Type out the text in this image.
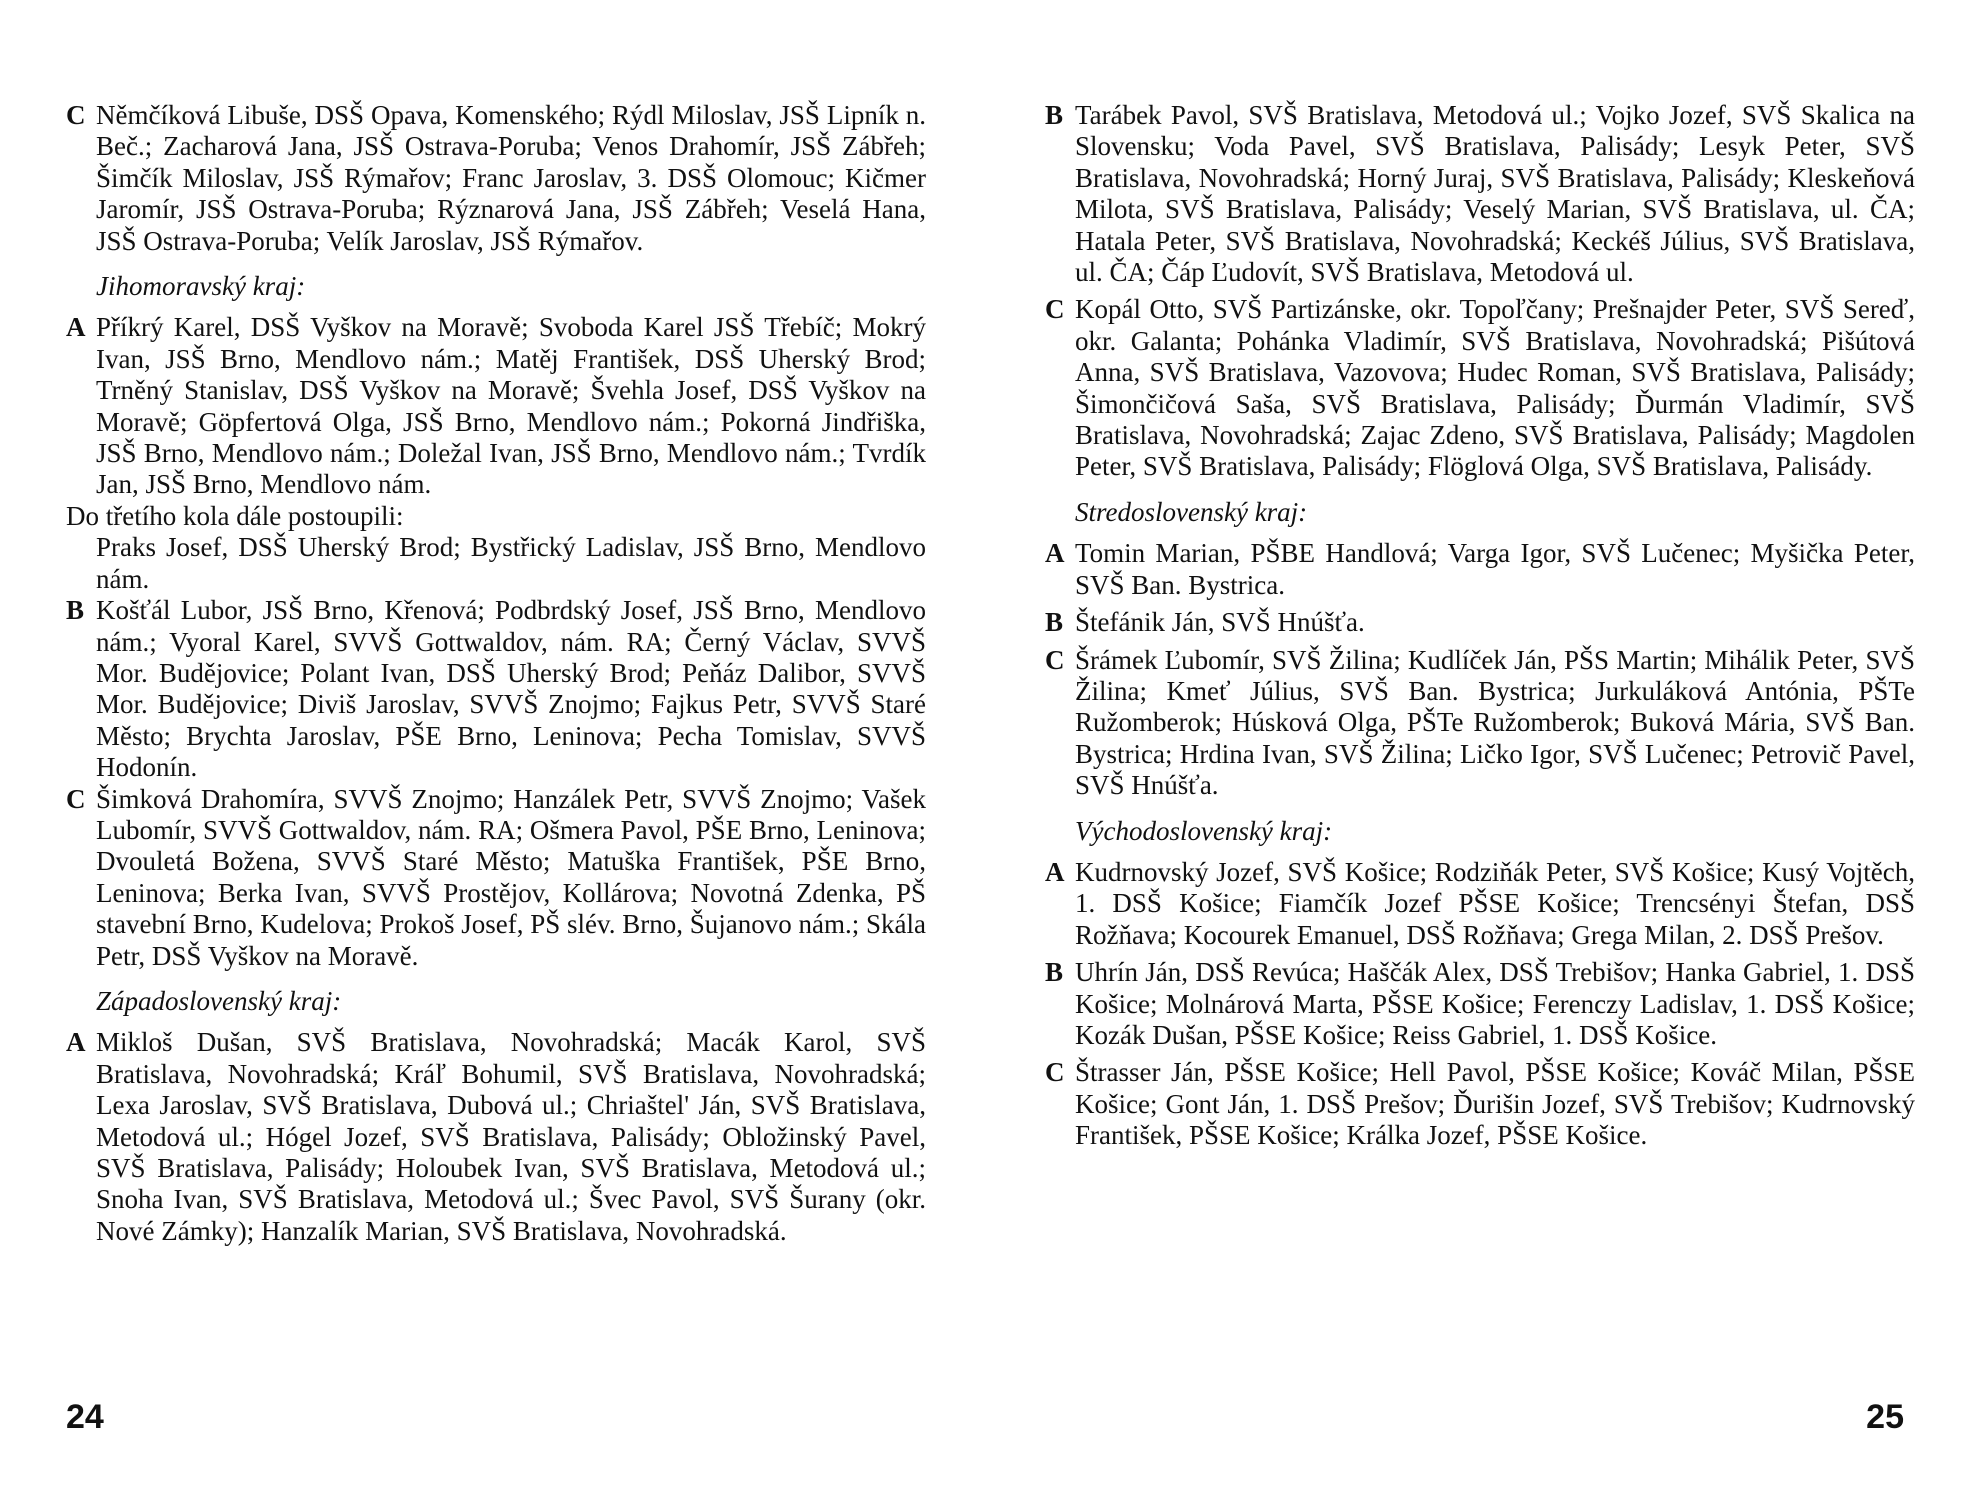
C Němčíková Libuše, DSŠ Opava, Komenského; Rýdl Miloslav, JSŠ Lipník n. Beč.; Zacharová Jana, JSŠ Ostrava-Poruba; Venos Drahomír, JSŠ Zábřeh; Šimčík Miloslav, JSŠ Rýmařov; Franc Jaroslav, 3. DSŠ Olomouc; Kičmer Jaromír, JSŠ Ostrava-Poruba; Rýznarová Jana, JSŠ Zábřeh; Veselá Hana, JSŠ Ostrava-Poruba; Velík Jaroslav, JSŠ Rýmařov.
Jihomoravský kraj:
A Příkrý Karel, DSŠ Vyškov na Moravě; Svoboda Karel JSŠ Třebíč; Mokrý Ivan, JSŠ Brno, Mendlovo nám.; Matěj František, DSŠ Uherský Brod; Trněný Stanislav, DSŠ Vyškov na Moravě; Švehla Josef, DSŠ Vyškov na Moravě; Göpfertová Olga, JSŠ Brno, Mendlovo nám.; Pokorná Jindřiška, JSŠ Brno, Mendlovo nám.; Doležal Ivan, JSŠ Brno, Mendlovo nám.; Tvrdík Jan, JSŠ Brno, Mendlovo nám.
Do třetího kola dále postoupili:
Praks Josef, DSŠ Uherský Brod; Bystřický Ladislav, JSŠ Brno, Mendlovo nám.
B Košťál Lubor, JSŠ Brno, Křenová; Podbrdský Josef, JSŠ Brno, Mendlovo nám.; Vyoral Karel, SVVŠ Gottwaldov, nám. RA; Černý Václav, SVVŠ Mor. Budějovice; Polant Ivan, DSŠ Uherský Brod; Peňáz Dalibor, SVVŠ Mor. Budějovice; Diviš Jaroslav, SVVŠ Znojmo; Fajkus Petr, SVVŠ Staré Město; Brychta Jaroslav, PŠE Brno, Leninova; Pecha Tomislav, SVVŠ Hodonín.
C Šimková Drahomíra, SVVŠ Znojmo; Hanzálek Petr, SVVŠ Znojmo; Vašek Lubomír, SVVŠ Gottwaldov, nám. RA; Ošmera Pavol, PŠE Brno, Leninova; Dvouletá Božena, SVVŠ Staré Město; Matuška František, PŠE Brno, Leninova; Berka Ivan, SVVŠ Prostějov, Kollárova; Novotná Zdenka, PŠ stavební Brno, Kudelova; Prokoš Josef, PŠ slév. Brno, Šujanovo nám.; Skála Petr, DSŠ Vyškov na Moravě.
Západoslovenský kraj:
A Mikloš Dušan, SVŠ Bratislava, Novohradská; Macák Karol, SVŠ Bratislava, Novohradská; Kráľ Bohumil, SVŠ Bratislava, Novohradská; Lexa Jaroslav, SVŠ Bratislava, Dubová ul.; Chriaštel' Ján, SVŠ Bratislava, Metodová ul.; Hógel Jozef, SVŠ Bratislava, Palisády; Obložinský Pavel, SVŠ Bratislava, Palisády; Holoubek Ivan, SVŠ Bratislava, Metodová ul.; Snoha Ivan, SVŠ Bratislava, Metodová ul.; Švec Pavol, SVŠ Šurany (okr. Nové Zámky); Hanzalík Marian, SVŠ Bratislava, Novohradská.
24
B Tarábek Pavol, SVŠ Bratislava, Metodová ul.; Vojko Jozef, SVŠ Skalica na Slovensku; Voda Pavel, SVŠ Bratislava, Palisády; Lesyk Peter, SVŠ Bratislava, Novohradská; Horný Juraj, SVŠ Bratislava, Palisády; Kleskeňová Milota, SVŠ Bratislava, Palisády; Veselý Marian, SVŠ Bratislava, ul. ČA; Hatala Peter, SVŠ Bratislava, Novohradská; Keckéš Július, SVŠ Bratislava, ul. ČA; Čáp Ľudovít, SVŠ Bratislava, Metodová ul.
C Kopál Otto, SVŠ Partizánske, okr. Topoľčany; Prešnajder Peter, SVŠ Sereď, okr. Galanta; Pohánka Vladimír, SVŠ Bratislava, Novohradská; Pišútová Anna, SVŠ Bratislava, Vazovova; Hudec Roman, SVŠ Bratislava, Palisády; Šimončičová Saša, SVŠ Bratislava, Palisády; Ďurmán Vladimír, SVŠ Bratislava, Novohradská; Zajac Zdeno, SVŠ Bratislava, Palisády; Magdolen Peter, SVŠ Bratislava, Palisády; Flöglová Olga, SVŠ Bratislava, Palisády.
Stredoslovenský kraj:
A Tomin Marian, PŠBE Handlová; Varga Igor, SVŠ Lučenec; Myšička Peter, SVŠ Ban. Bystrica.
B Štefánik Ján, SVŠ Hnúšťa.
C Šrámek Ľubomír, SVŠ Žilina; Kudlíček Ján, PŠS Martin; Mihálik Peter, SVŠ Žilina; Kmeť Július, SVŠ Ban. Bystrica; Jurkuláková Antónia, PŠTe Ružomberok; Húsková Olga, PŠTe Ružomberok; Buková Mária, SVŠ Ban. Bystrica; Hrdina Ivan, SVŠ Žilina; Ličko Igor, SVŠ Lučenec; Petrovič Pavel, SVŠ Hnúšťa.
Východoslovenský kraj:
A Kudrnovský Jozef, SVŠ Košice; Rodziňák Peter, SVŠ Košice; Kusý Vojtěch, 1. DSŠ Košice; Fiamčík Jozef PŠSE Košice; Trencsényi Štefan, DSŠ Rožňava; Kocourek Emanuel, DSŠ Rožňava; Grega Milan, 2. DSŠ Prešov.
B Uhrín Ján, DSŠ Revúca; Haščák Alex, DSŠ Trebišov; Hanka Gabriel, 1. DSŠ Košice; Molnárová Marta, PŠSE Košice; Ferenczy Ladislav, 1. DSŠ Košice; Kozák Dušan, PŠSE Košice; Reiss Gabriel, 1. DSŠ Košice.
C Štrasser Ján, PŠSE Košice; Hell Pavol, PŠSE Košice; Kováč Milan, PŠSE Košice; Gont Ján, 1. DSŠ Prešov; Ďurišin Jozef, SVŠ Trebišov; Kudrnovský František, PŠSE Košice; Králka Jozef, PŠSE Košice.
25
